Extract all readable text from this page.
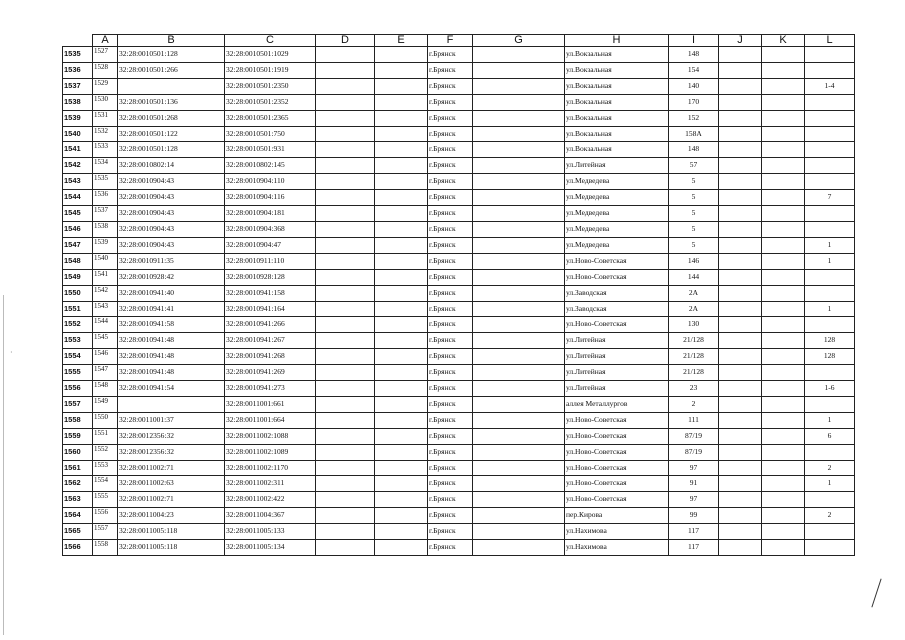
·
	A	B	C	D	E	F	G	H	I	J	K	L
1535	1527	32:28:0010501:128	32:28:0010501:1029			г.Брянск		ул.Вокзальная	148			
1536	1528	32:28:0010501:266	32:28:0010501:1919			г.Брянск		ул.Вокзальная	154			
1537	1529		32:28:0010501:2350			г.Брянск		ул.Вокзальная	140			1-4
1538	1530	32:28:0010501:136	32:28:0010501:2352			г.Брянск		ул.Вокзальная	170			
1539	1531	32:28:0010501:268	32:28:0010501:2365			г.Брянск		ул.Вокзальная	152			
1540	1532	32:28:0010501:122	32:28:0010501:750			г.Брянск		ул.Вокзальная	158А			
1541	1533	32:28:0010501:128	32:28:0010501:931			г.Брянск		ул.Вокзальная	148			
1542	1534	32:28:0010802:14	32:28:0010802:145			г.Брянск		ул.Литейная	57			
1543	1535	32:28:0010904:43	32:28:0010904:110			г.Брянск		ул.Медведева	5			
1544	1536	32:28:0010904:43	32:28:0010904:116			г.Брянск		ул.Медведева	5			7
1545	1537	32:28:0010904:43	32:28:0010904:181			г.Брянск		ул.Медведева	5			
1546	1538	32:28:0010904:43	32:28:0010904:368			г.Брянск		ул.Медведева	5			
1547	1539	32:28:0010904:43	32:28:0010904:47			г.Брянск		ул.Медведева	5			1
1548	1540	32:28:0010911:35	32:28:0010911:110			г.Брянск		ул.Ново-Советская	146			1
1549	1541	32:28:0010928:42	32:28:0010928:128			г.Брянск		ул.Ново-Советская	144			
1550	1542	32:28:0010941:40	32:28:0010941:158			г.Брянск		ул.Заводская	2А			
1551	1543	32:28:0010941:41	32:28:0010941:164			г.Брянск		ул.Заводская	2А			1
1552	1544	32:28:0010941:58	32:28:0010941:266			г.Брянск		ул.Ново-Советская	130			
1553	1545	32:28:0010941:48	32:28:0010941:267			г.Брянск		ул.Литейная	21/128			128
1554	1546	32:28:0010941:48	32:28:0010941:268			г.Брянск		ул.Литейная	21/128			128
1555	1547	32:28:0010941:48	32:28:0010941:269			г.Брянск		ул.Литейная	21/128			
1556	1548	32:28:0010941:54	32:28:0010941:273			г.Брянск		ул.Литейная	23			1-6
1557	1549		32:28:0011001:661			г.Брянск		аллея Металлургов	2			
1558	1550	32:28:0011001:37	32:28:0011001:664			г.Брянск		ул.Ново-Советская	111			1
1559	1551	32:28:0012356:32	32:28:0011002:1088			г.Брянск		ул.Ново-Советская	87/19			6
1560	1552	32:28:0012356:32	32:28:0011002:1089			г.Брянск		ул.Ново-Советская	87/19			
1561	1553	32:28:0011002:71	32:28:0011002:1170			г.Брянск		ул.Ново-Советская	97			2
1562	1554	32:28:0011002:63	32:28:0011002:311			г.Брянск		ул.Ново-Советская	91			1
1563	1555	32:28:0011002:71	32:28:0011002:422			г.Брянск		ул.Ново-Советская	97			
1564	1556	32:28:0011004:23	32:28:0011004:367			г.Брянск		пер.Кирова	99			2
1565	1557	32:28:0011005:118	32:28:0011005:133			г.Брянск		ул.Нахимова	117			
1566	1558	32:28:0011005:118	32:28:0011005:134			г.Брянск		ул.Нахимова	117			
